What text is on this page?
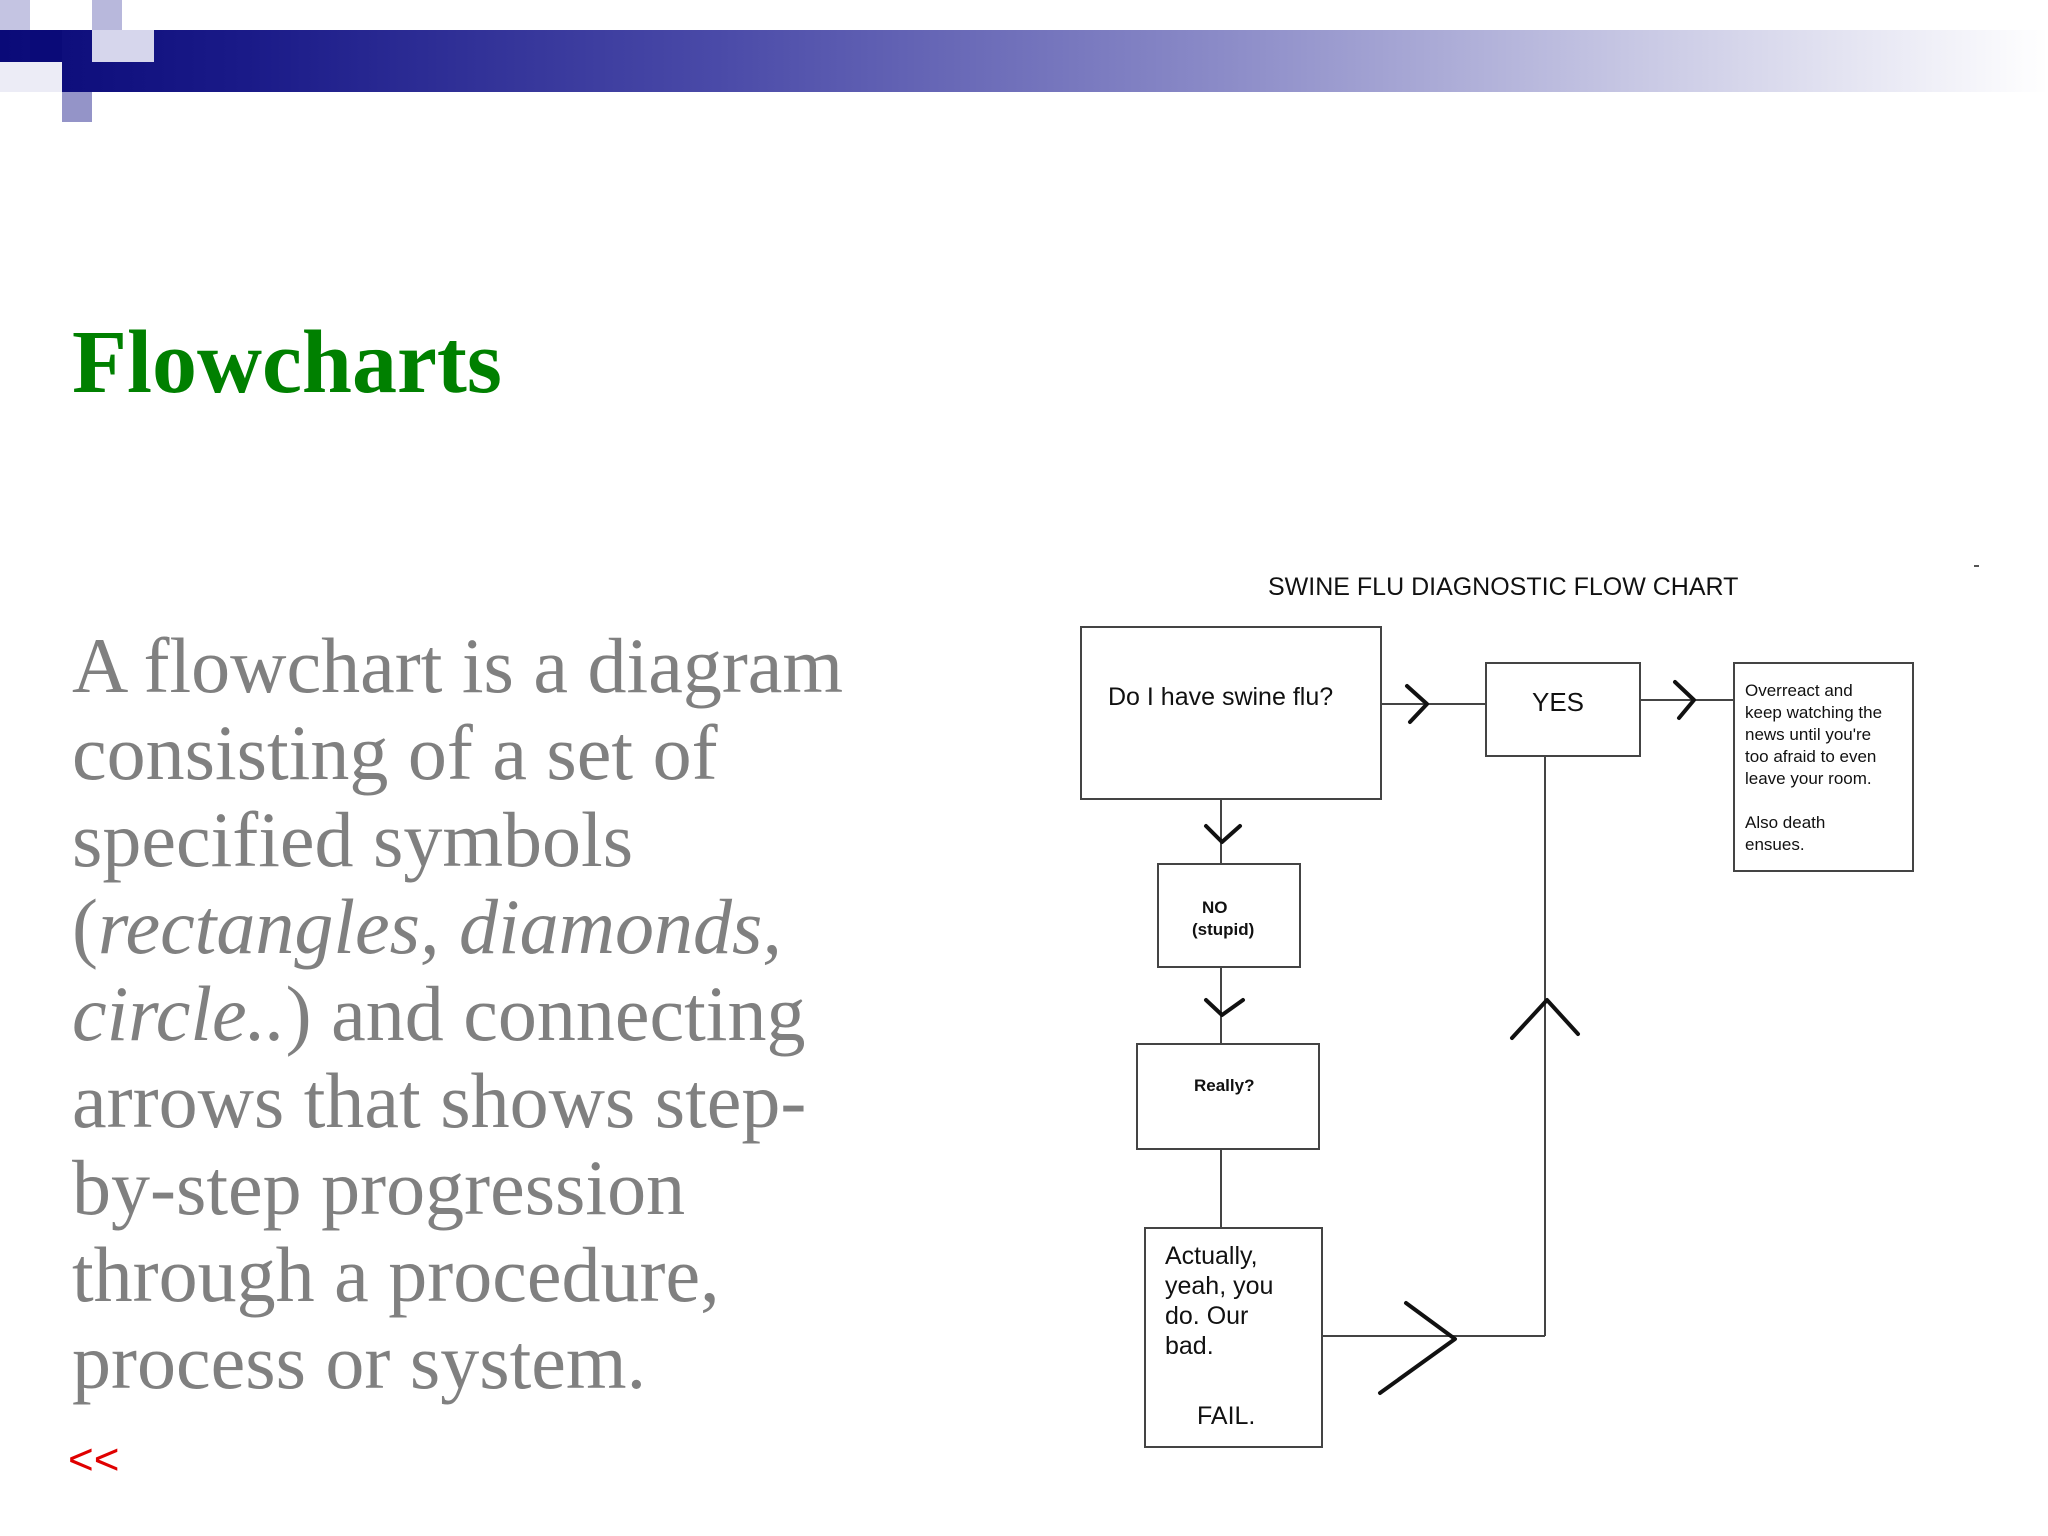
Flowcharts
A flowchart is a diagram
consisting of a set of
specified symbols
(rectangles, diamonds,
circle..) and connecting
arrows that shows step-
by-step progression
through a procedure,
process or system.
<<
SWINE FLU DIAGNOSTIC FLOW CHART
Do I have swine flu?	YES	Overreact and
keep watching the
news until you're
too afraid to even
leave your room.
Also death
ensues.
NO
(stupid)
Really?
Actually,
yeah, you
do. Our
bad.
FAIL.
